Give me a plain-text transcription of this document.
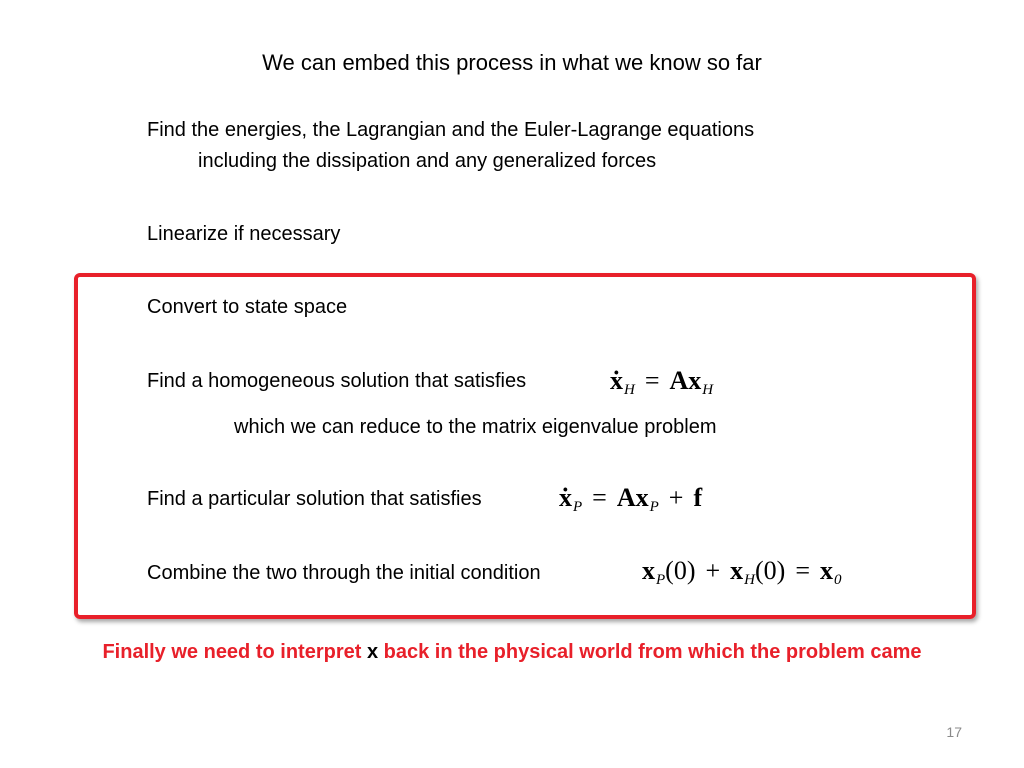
We can embed this process in what we know so far
Find the energies, the Lagrangian and the Euler-Lagrange equations
including the dissipation and any generalized forces
Linearize if necessary
Convert to state space
Find a homogeneous solution that satisfies	ẋ$_H$ = $Ax_H$
which we can reduce to the matrix eigenvalue problem
Find a particular solution that satisfies	ẋ$_P$ = $Ax_P + f$
Combine the two through the initial condition	$x_P(0) + x_H(0) = x_0$
Finally we need to interpret x back in the physical world from which the problem came
17
